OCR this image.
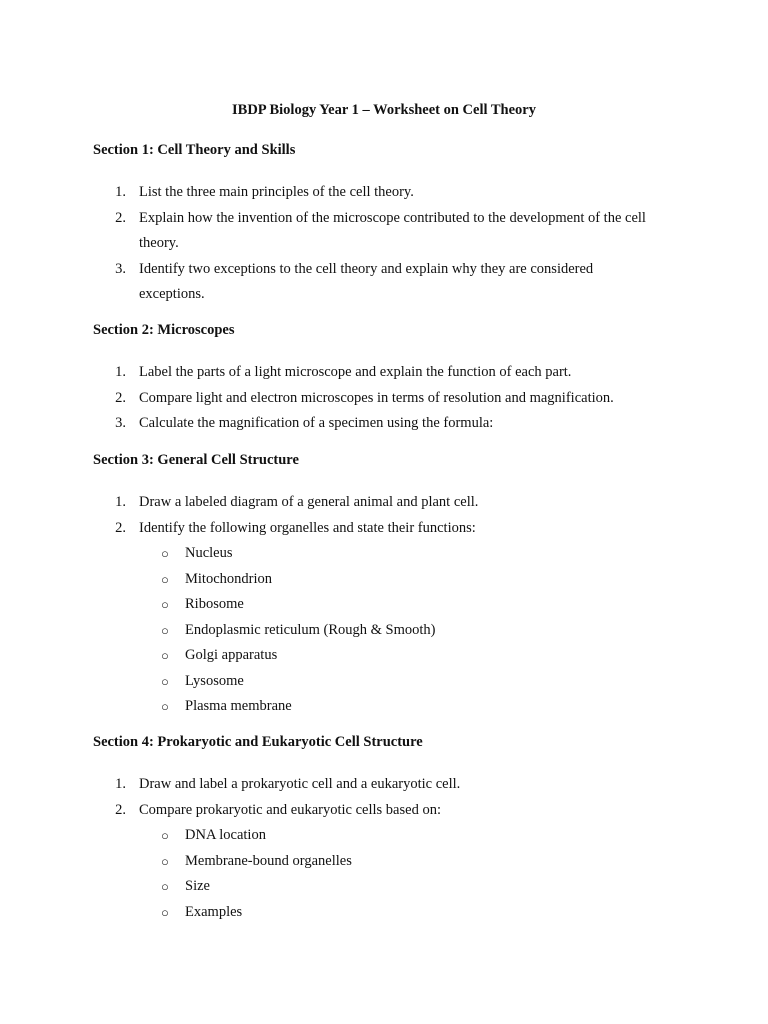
IBDP Biology Year 1 – Worksheet on Cell Theory

Section 1: Cell Theory and Skills

1. List the three main principles of the cell theory.
2. Explain how the invention of the microscope contributed to the development of the cell theory.
3. Identify two exceptions to the cell theory and explain why they are considered exceptions.

Section 2: Microscopes

1. Label the parts of a light microscope and explain the function of each part.
2. Compare light and electron microscopes in terms of resolution and magnification.
3. Calculate the magnification of a specimen using the formula:

Section 3: General Cell Structure

1. Draw a labeled diagram of a general animal and plant cell.
2. Identify the following organelles and state their functions:
○ Nucleus
○ Mitochondrion
○ Ribosome
○ Endoplasmic reticulum (Rough & Smooth)
○ Golgi apparatus
○ Lysosome
○ Plasma membrane

Section 4: Prokaryotic and Eukaryotic Cell Structure

1. Draw and label a prokaryotic cell and a eukaryotic cell.
2. Compare prokaryotic and eukaryotic cells based on:
○ DNA location
○ Membrane-bound organelles
○ Size
○ Examples
